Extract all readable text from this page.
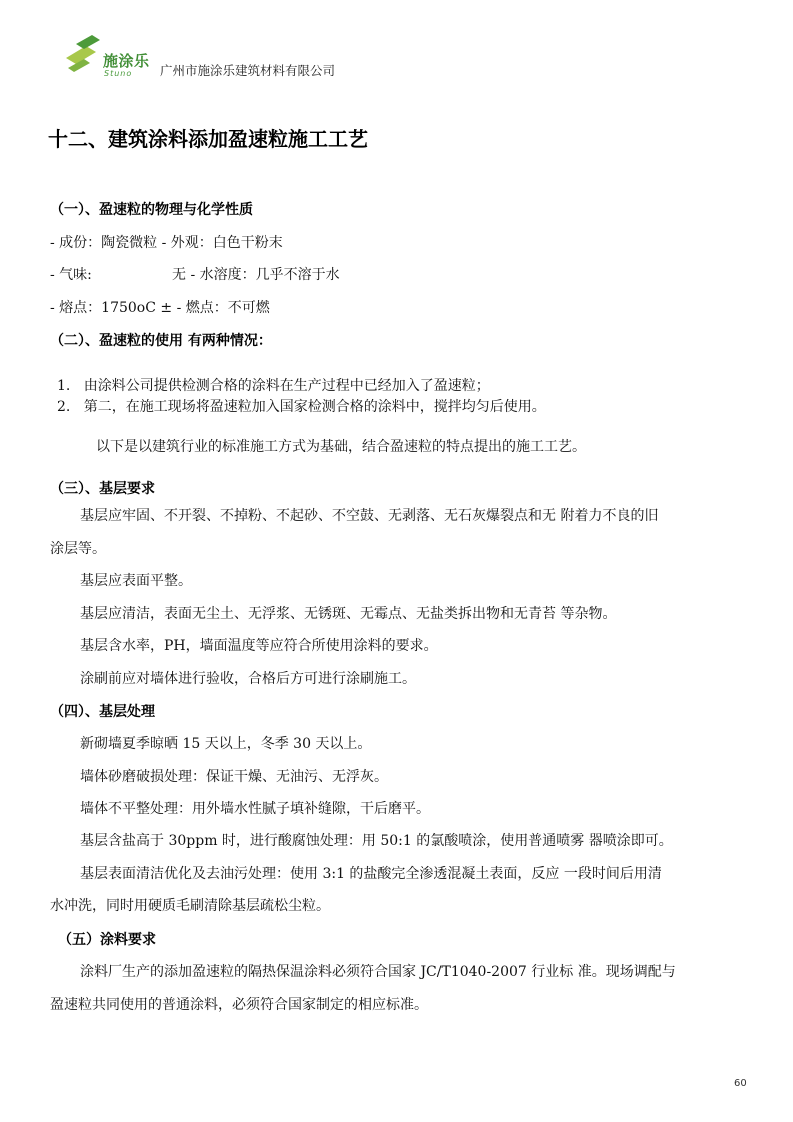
施涂乐
Stuno 广州市施涂乐建筑材料有限公司
十二、建筑涂料添加盈速粒施工工艺
（一）、盈速粒的物理与化学性质
- 成份：陶瓷微粒 - 外观：白色干粉末
- 气味:                  无 - 水溶度：几乎不溶于水
- 熔点：1750oC ± - 燃点：不可燃
（二）、盈速粒的使用 有两种情况：
1.   由涂料公司提供检测合格的涂料在生产过程中已经加入了盈速粒；
2.   第二，在施工现场将盈速粒加入国家检测合格的涂料中，搅拌均匀后使用。
以下是以建筑行业的标准施工方式为基础，结合盈速粒的特点提出的施工工艺。
（三）、基层要求
基层应牢固、不开裂、不掉粉、不起砂、不空鼓、无剥落、无石灰爆裂点和无 附着力不良的旧
涂层等。
基层应表面平整。
基层应清洁，表面无尘土、无浮浆、无锈斑、无霉点、无盐类拆出物和无青苔 等杂物。
基层含水率，PH，墙面温度等应符合所使用涂料的要求。
涂刷前应对墙体进行验收，合格后方可进行涂刷施工。
（四）、基层处理
新砌墙夏季晾晒 15 天以上，冬季 30 天以上。
墙体砂磨破损处理：保证干燥、无油污、无浮灰。
墙体不平整处理：用外墙水性腻子填补缝隙，干后磨平。
基层含盐高于 30ppm 时，进行酸腐蚀处理：用 50:1 的氯酸喷涂，使用普通喷雾 器喷涂即可。
基层表面清洁优化及去油污处理：使用 3:1 的盐酸完全渗透混凝土表面，反应 一段时间后用清
水冲洗，同时用硬质毛刷清除基层疏松尘粒。
（五）涂料要求
涂料厂生产的添加盈速粒的隔热保温涂料必须符合国家 JC/T1040-2007 行业标 准。现场调配与
盈速粒共同使用的普通涂料，必须符合国家制定的相应标准。
60
